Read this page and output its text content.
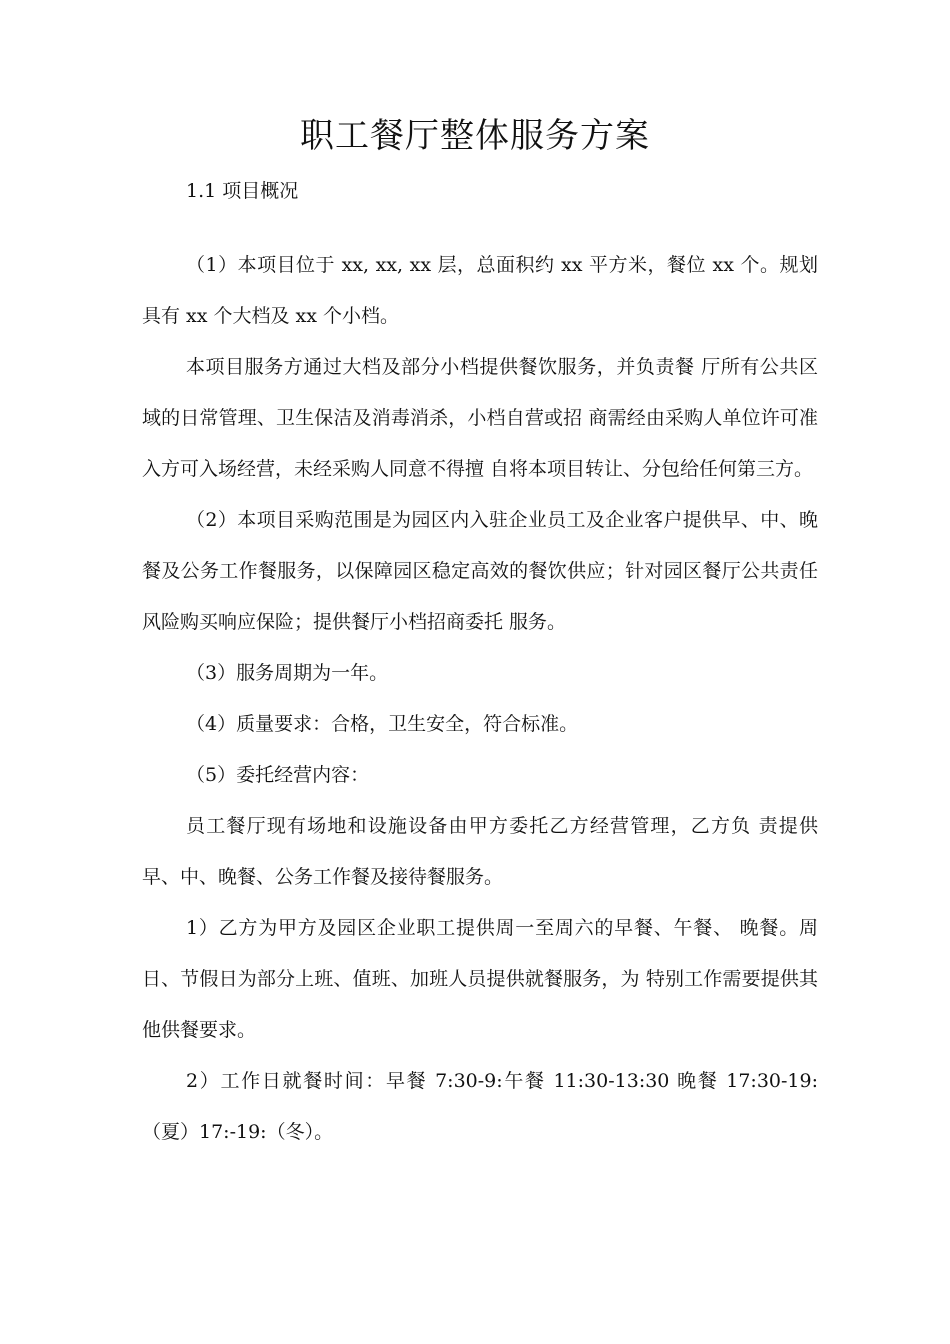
职工餐厅整体服务方案

1.1 项目概况

（1）本项目位于 xx, xx, xx 层，总面积约 xx 平方米，餐位 xx 个。规划具有 xx 个大档及 xx 个小档。

本项目服务方通过大档及部分小档提供餐饮服务，并负责餐 厅所有公共区域的日常管理、卫生保洁及消毒消杀，小档自营或招 商需经由采购人单位许可准入方可入场经营，未经采购人同意不得擅 自将本项目转让、分包给任何第三方。

（2）本项目采购范围是为园区内入驻企业员工及企业客户提供早、中、晚餐及公务工作餐服务，以保障园区稳定高效的餐饮供应；针对园区餐厅公共责任风险购买响应保险；提供餐厅小档招商委托 服务。

（3）服务周期为一年。

（4）质量要求：合格，卫生安全，符合标准。

（5）委托经营内容：

员工餐厅现有场地和设施设备由甲方委托乙方经营管理，乙方负 责提供早、中、晚餐、公务工作餐及接待餐服务。

1）乙方为甲方及园区企业职工提供周一至周六的早餐、午餐、 晚餐。周日、节假日为部分上班、值班、加班人员提供就餐服务，为 特别工作需要提供其他供餐要求。

2）工作日就餐时间：早餐 7:30-9:午餐 11:30-13:30 晚餐 17:30-19: （夏）17:-19:（冬）。
